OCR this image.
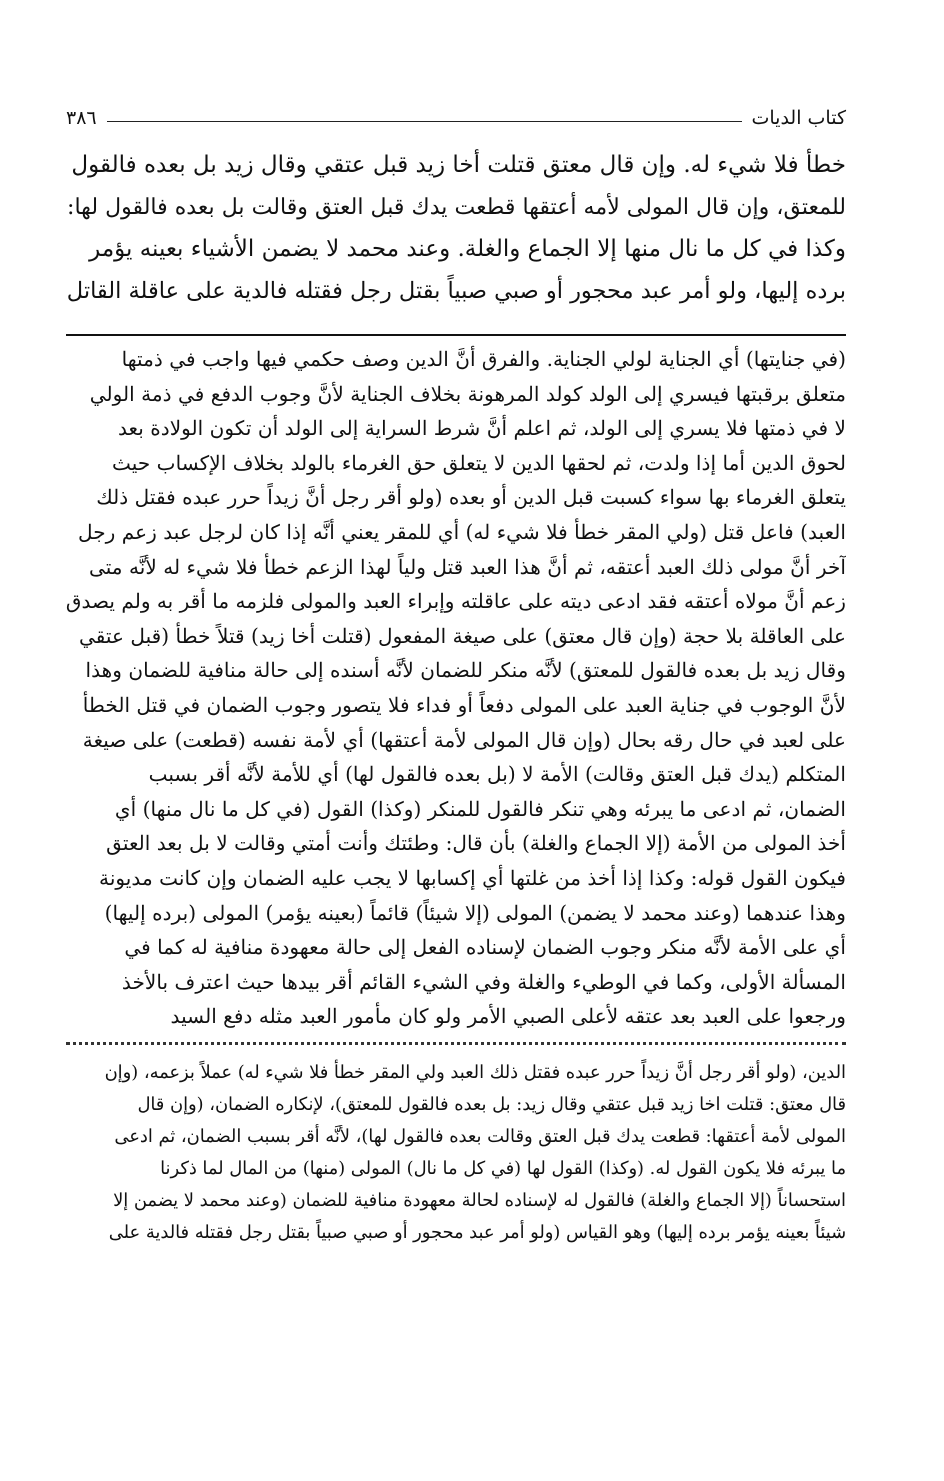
كتاب الديات
٣٨٦
خطأ فلا شيء له. وإن قال معتق قتلت أخا زيد قبل عتقي وقال زيد بل بعده فالقول
للمعتق، وإن قال المولى لأمه أعتقها قطعت يدك قبل العتق وقالت بل بعده فالقول لها:
وكذا في كل ما نال منها إلا الجماع والغلة. وعند محمد لا يضمن الأشياء بعينه يؤمر
برده إليها، ولو أمر عبد محجور أو صبي صبياً بقتل رجل فقتله فالدية على عاقلة القاتل
(في جنايتها) أي الجناية لولي الجناية. والفرق أنَّ الدين وصف حكمي فيها واجب في ذمتها
متعلق برقبتها فيسري إلى الولد كولد المرهونة بخلاف الجناية لأنَّ وجوب الدفع في ذمة الولي
لا في ذمتها فلا يسري إلى الولد، ثم اعلم أنَّ شرط السراية إلى الولد أن تكون الولادة بعد
لحوق الدين أما إذا ولدت، ثم لحقها الدين لا يتعلق حق الغرماء بالولد بخلاف الإكساب حيث
يتعلق الغرماء بها سواء كسبت قبل الدين أو بعده (ولو أقر رجل أنَّ زيداً حرر عبده فقتل ذلك
العبد) فاعل قتل (ولي المقر خطأ فلا شيء له) أي للمقر يعني أنَّه إذا كان لرجل عبد زعم رجل
آخر أنَّ مولى ذلك العبد أعتقه، ثم أنَّ هذا العبد قتل ولياً لهذا الزعم خطأ فلا شيء له لأنَّه متى
زعم أنَّ مولاه أعتقه فقد ادعى ديته على عاقلته وإبراء العبد والمولى فلزمه ما أقر به ولم يصدق
على العاقلة بلا حجة (وإن قال معتق) على صيغة المفعول (قتلت أخا زيد) قتلاً خطأ (قبل عتقي
وقال زيد بل بعده فالقول للمعتق) لأنَّه منكر للضمان لأنَّه أسنده إلى حالة منافية للضمان وهذا
لأنَّ الوجوب في جناية العبد على المولى دفعاً أو فداء فلا يتصور وجوب الضمان في قتل الخطأ
على لعبد في حال رقه بحال (وإن قال المولى لأمة أعتقها) أي لأمة نفسه (قطعت) على صيغة
المتكلم (يدك قبل العتق وقالت) الأمة لا (بل بعده فالقول لها) أي للأمة لأنَّه أقر بسبب
الضمان، ثم ادعى ما يبرئه وهي تنكر فالقول للمنكر (وكذا) القول (في كل ما نال منها) أي
أخذ المولى من الأمة (إلا الجماع والغلة) بأن قال: وطئتك وأنت أمتي وقالت لا بل بعد العتق
فيكون القول قوله: وكذا إذا أخذ من غلتها أي إكسابها لا يجب عليه الضمان وإن كانت مديونة
وهذا عندهما (وعند محمد لا يضمن) المولى (إلا شيئاً) قائماً (بعينه يؤمر) المولى (برده إليها)
أي على الأمة لأنَّه منكر وجوب الضمان لإسناده الفعل إلى حالة معهودة منافية له كما في
المسألة الأولى، وكما في الوطيء والغلة وفي الشيء القائم أقر بيدها حيث اعترف بالأخذ
ورجعوا على العبد بعد عتقه لأعلى الصبي الأمر ولو كان مأمور العبد مثله دفع السيد
الدين، (ولو أقر رجل أنَّ زيداً حرر عبده فقتل ذلك العبد ولي المقر خطأ فلا شيء له) عملاً بزعمه، (وإن
قال معتق: قتلت اخا زيد قبل عتقي وقال زيد: بل بعده فالقول للمعتق)، لإنكاره الضمان، (وإن قال
المولى لأمة أعتقها: قطعت يدك قبل العتق وقالت بعده فالقول لها)، لأنَّه أقر بسبب الضمان، ثم ادعى
ما يبرئه فلا يكون القول له. (وكذا) القول لها (في كل ما نال) المولى (منها) من المال لما ذكرنا
استحساناً (إلا الجماع والغلة) فالقول له لإسناده لحالة معهودة منافية للضمان (وعند محمد لا يضمن إلا
شيئاً بعينه يؤمر برده إليها) وهو القياس (ولو أمر عبد محجور أو صبي صبياً بقتل رجل فقتله فالدية على
